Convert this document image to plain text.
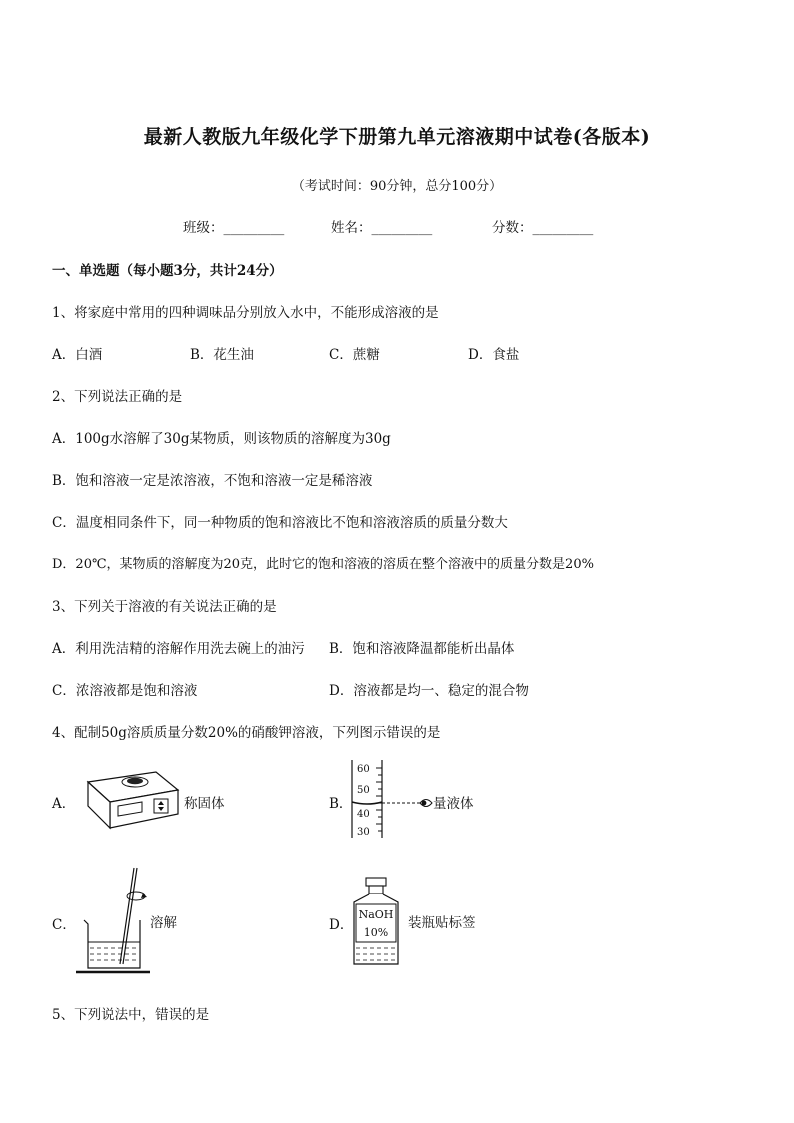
最新人教版九年级化学下册第九单元溶液期中试卷(各版本)
（考试时间：90分钟，总分100分）
班级：_________	姓名：_________	分数：_________
一、单选题（每小题3分，共计24分）
1、将家庭中常用的四种调味品分别放入水中，不能形成溶液的是
A．白酒	B．花生油	C．蔗糖	D．食盐
2、下列说法正确的是
A．100g水溶解了30g某物质，则该物质的溶解度为30g
B．饱和溶液一定是浓溶液，不饱和溶液一定是稀溶液
C．温度相同条件下，同一种物质的饱和溶液比不饱和溶液溶质的质量分数大
D．20℃，某物质的溶解度为20克，此时它的饱和溶液的溶质在整个溶液中的质量分数是20%
3、下列关于溶液的有关说法正确的是
A．利用洗洁精的溶解作用洗去碗上的油污 B．饱和溶液降温都能析出晶体
C．浓溶液都是饱和溶液	D．溶液都是均一、稳定的混合物
4、配制50g溶质质量分数20%的硝酸钾溶液，下列图示错误的是
A．	称固体	B．
60
50
40
30
量液体
C．	溶解	D．
NaOH
10%
装瓶贴标签
5、下列说法中，错误的是
